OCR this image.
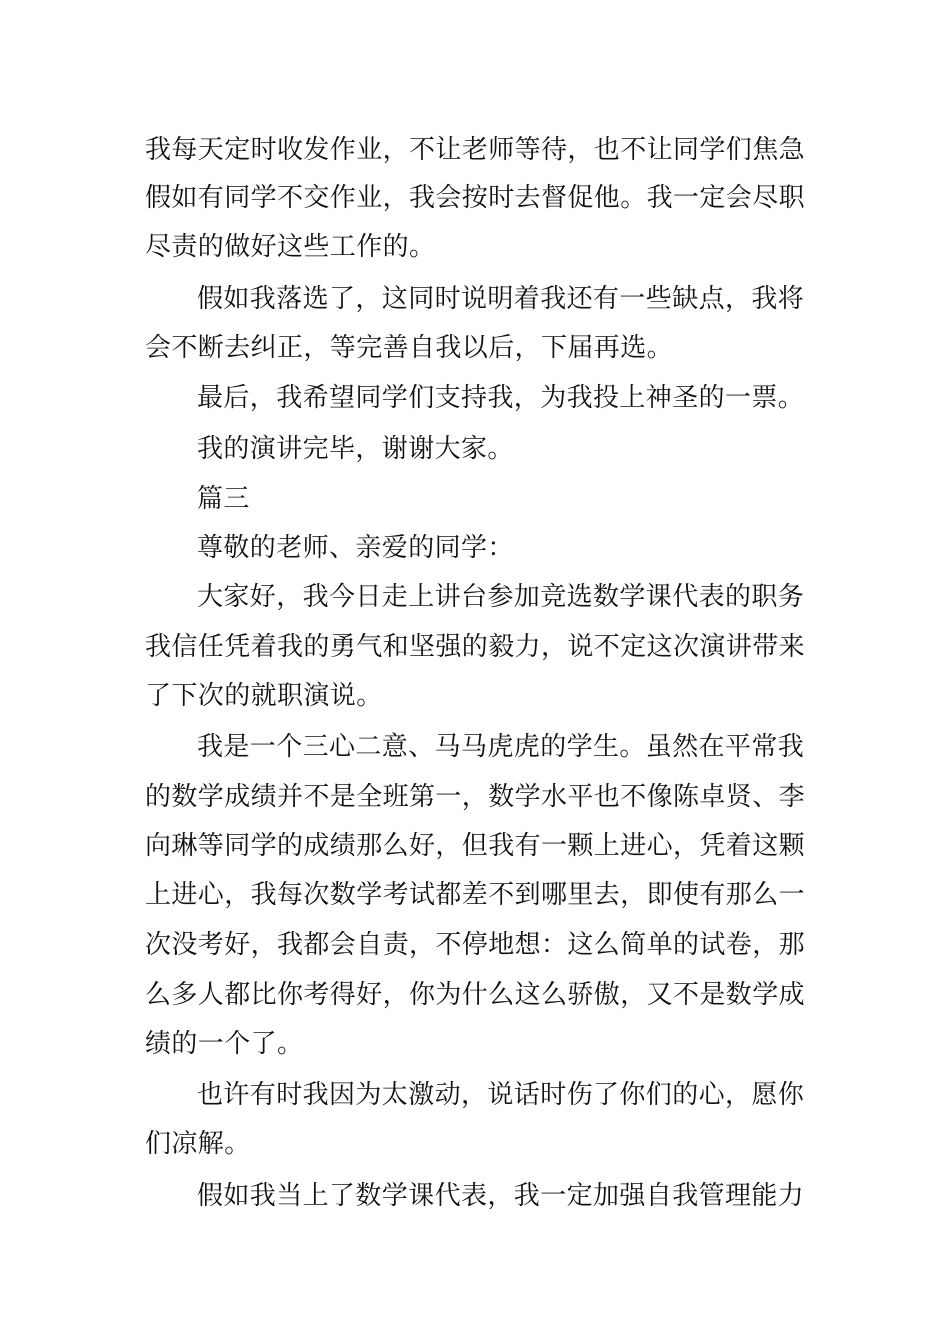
我每天定时收发作业，不让老师等待，也不让同学们焦急
假如有同学不交作业，我会按时去督促他。我一定会尽职
尽责的做好这些工作的。
假如我落选了，这同时说明着我还有一些缺点，我将
会不断去纠正，等完善自我以后，下届再选。
最后，我希望同学们支持我，为我投上神圣的一票。
我的演讲完毕，谢谢大家。
篇三
尊敬的老师、亲爱的同学：
大家好，我今日走上讲台参加竞选数学课代表的职务
我信任凭着我的勇气和坚强的毅力，说不定这次演讲带来
了下次的就职演说。
我是一个三心二意、马马虎虎的学生。虽然在平常我
的数学成绩并不是全班第一，数学水平也不像陈卓贤、李
向琳等同学的成绩那么好，但我有一颗上进心，凭着这颗
上进心，我每次数学考试都差不到哪里去，即使有那么一
次没考好，我都会自责，不停地想：这么简单的试卷，那
么多人都比你考得好，你为什么这么骄傲，又不是数学成
绩的一个了。
也许有时我因为太激动，说话时伤了你们的心，愿你
们凉解。
假如我当上了数学课代表，我一定加强自我管理能力
